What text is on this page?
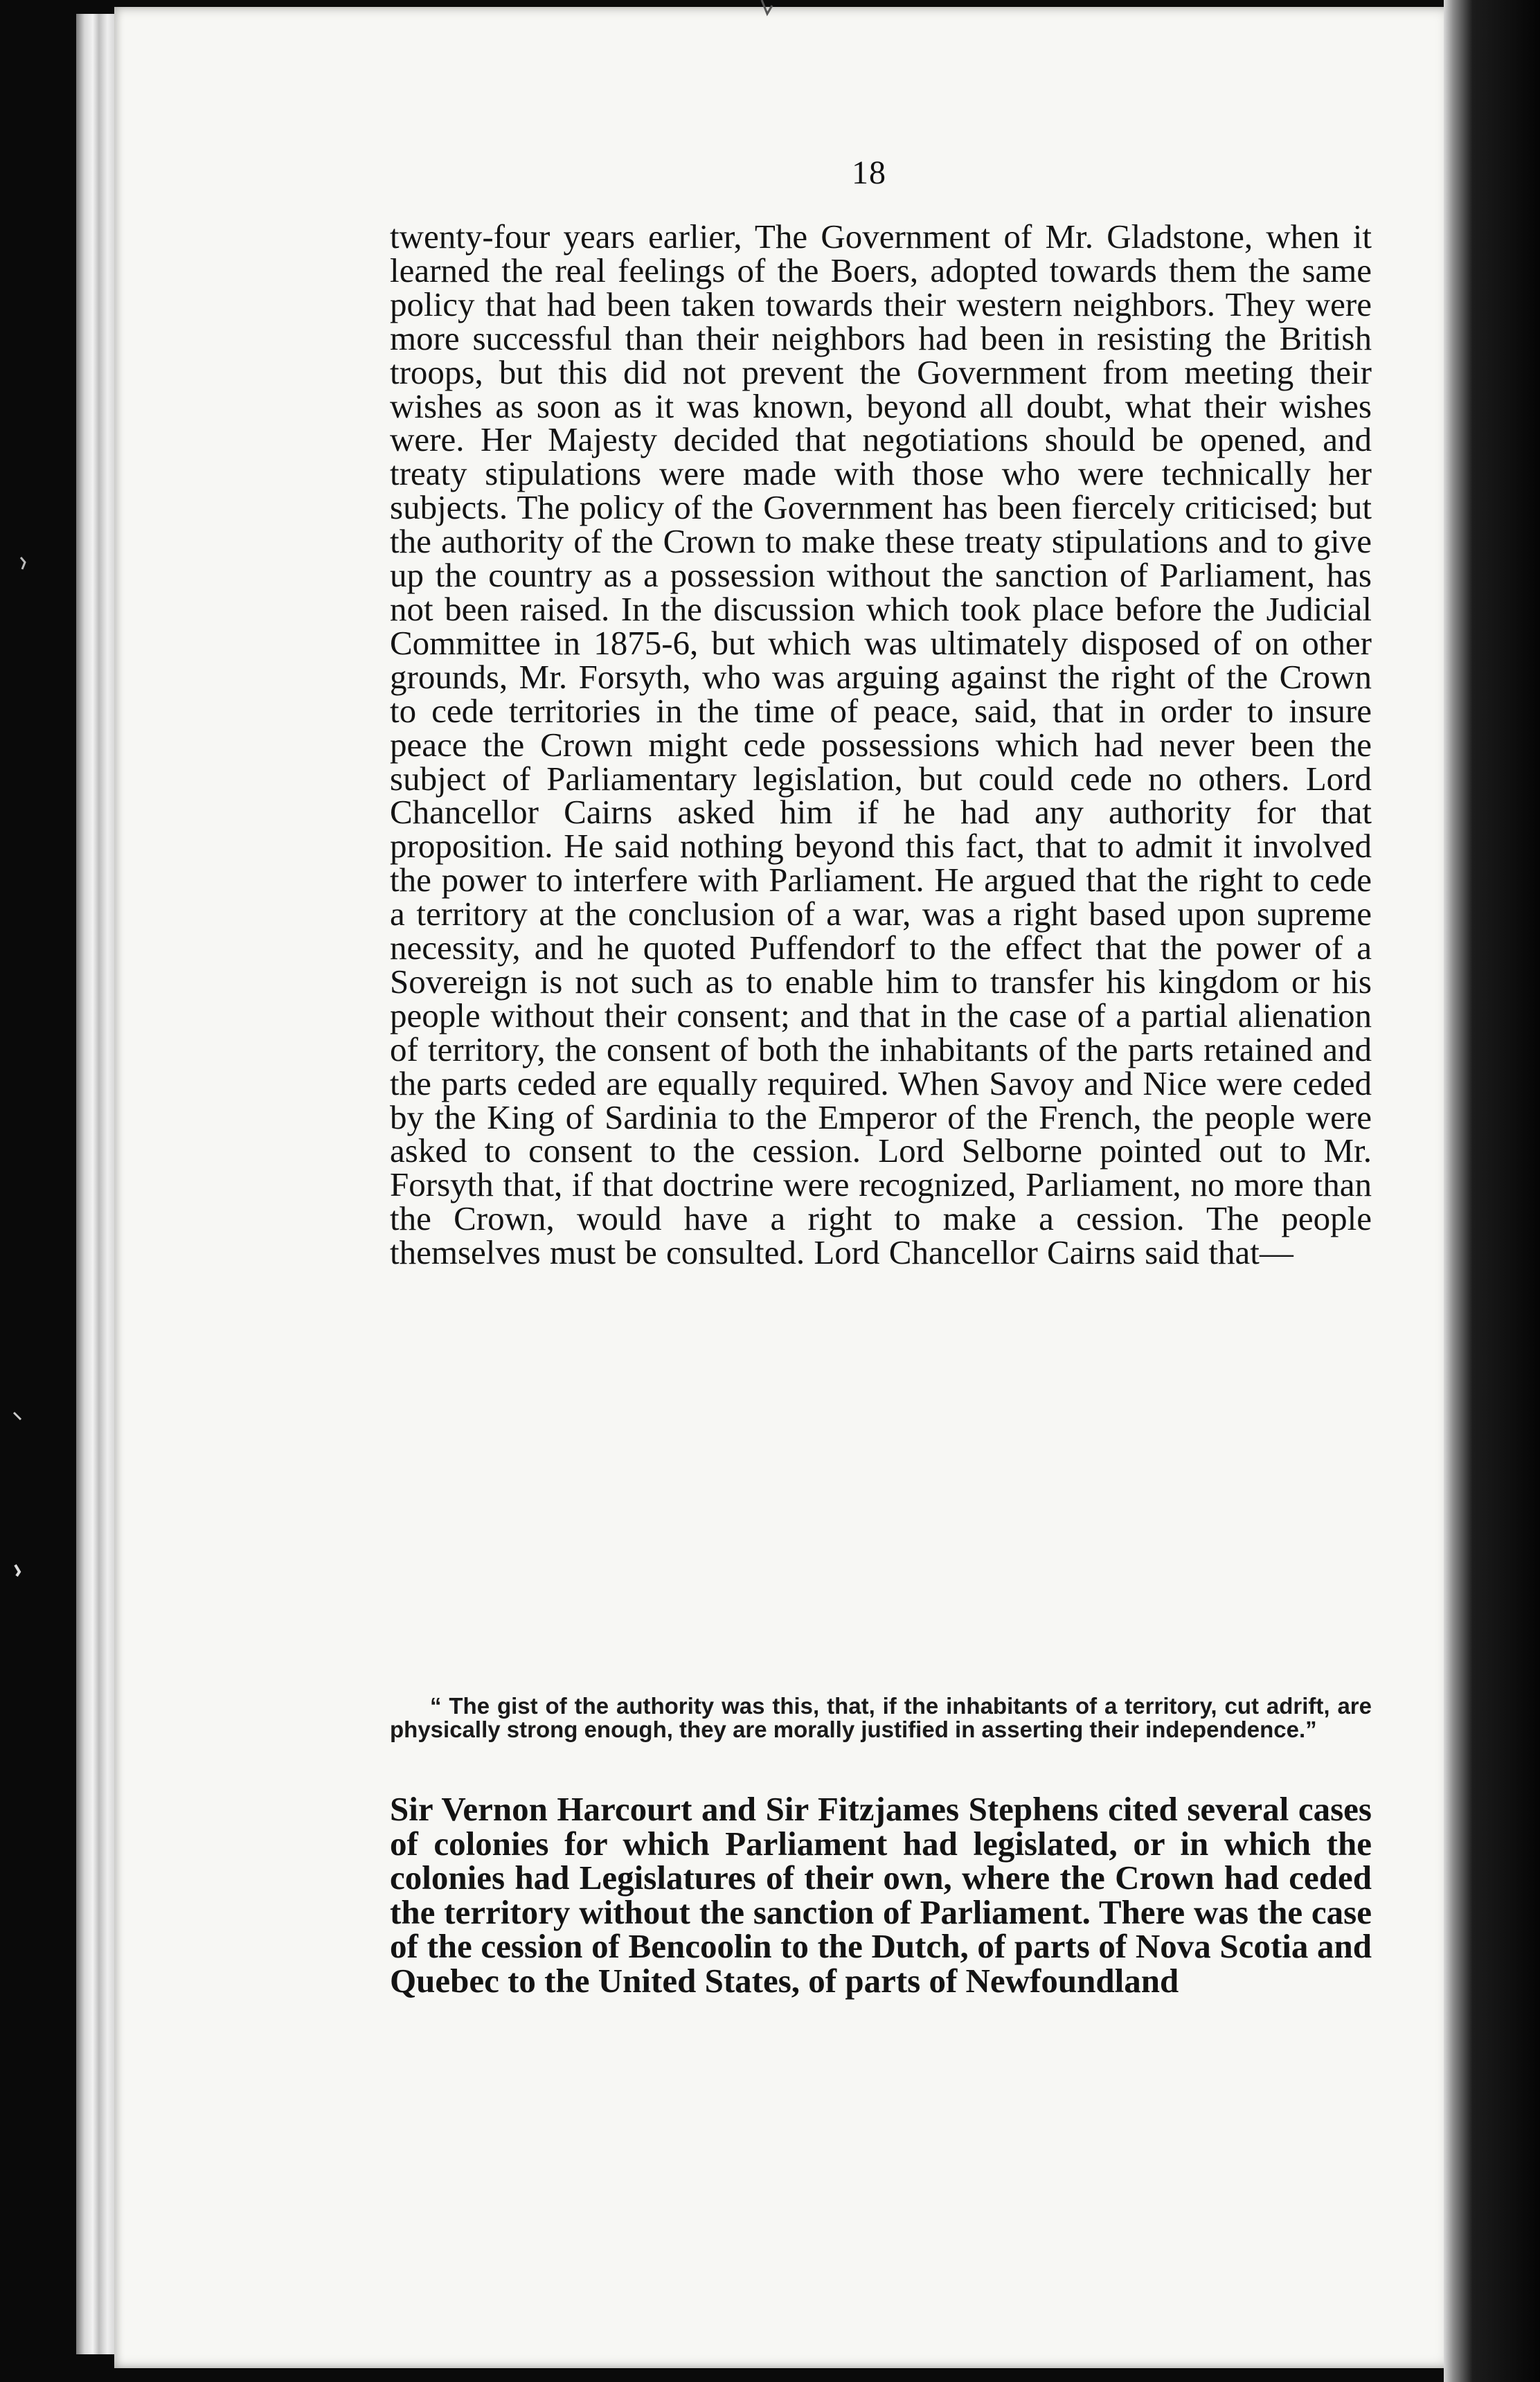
18

twenty-four years earlier, The Government of Mr. Gladstone, when it learned the real feelings of the Boers, adopted towards them the same policy that had been taken towards their western neighbors. They were more successful than their neighbors had been in resisting the British troops, but this did not prevent the Government from meeting their wishes as soon as it was known, beyond all doubt, what their wishes were. Her Majesty decided that negotiations should be opened, and treaty stipulations were made with those who were technically her subjects. The policy of the Government has been fiercely criticised; but the authority of the Crown to make these treaty stipulations and to give up the country as a possession without the sanction of Parliament, has not been raised. In the discussion which took place before the Judicial Committee in 1875-6, but which was ultimately disposed of on other grounds, Mr. Forsyth, who was arguing against the right of the Crown to cede territories in the time of peace, said, that in order to insure peace the Crown might cede possessions which had never been the subject of Parliamentary legislation, but could cede no others. Lord Chancellor Cairns asked him if he had any authority for that proposition. He said nothing beyond this fact, that to admit it involved the power to interfere with Parliament. He argued that the right to cede a territory at the conclusion of a war, was a right based upon supreme necessity, and he quoted Puffendorf to the effect that the power of a Sovereign is not such as to enable him to transfer his kingdom or his people without their consent; and that in the case of a partial alienation of territory, the consent of both the inhabitants of the parts retained and the parts ceded are equally required. When Savoy and Nice were ceded by the King of Sardinia to the Emperor of the French, the people were asked to consent to the cession. Lord Selborne pointed out to Mr. Forsyth that, if that doctrine were recognized, Parliament, no more than the Crown, would have a right to make a cession. The people themselves must be consulted. Lord Chancellor Cairns said that—

“ The gist of the authority was this, that, if the inhabitants of a territory, cut adrift, are physically strong enough, they are morally justified in asserting their independence.”

Sir Vernon Harcourt and Sir Fitzjames Stephens cited several cases of colonies for which Parliament had legislated, or in which the colonies had Legislatures of their own, where the Crown had ceded the territory without the sanction of Parliament. There was the case of the cession of Bencoolin to the Dutch, of parts of Nova Scotia and Quebec to the United States, of parts of Newfoundland
